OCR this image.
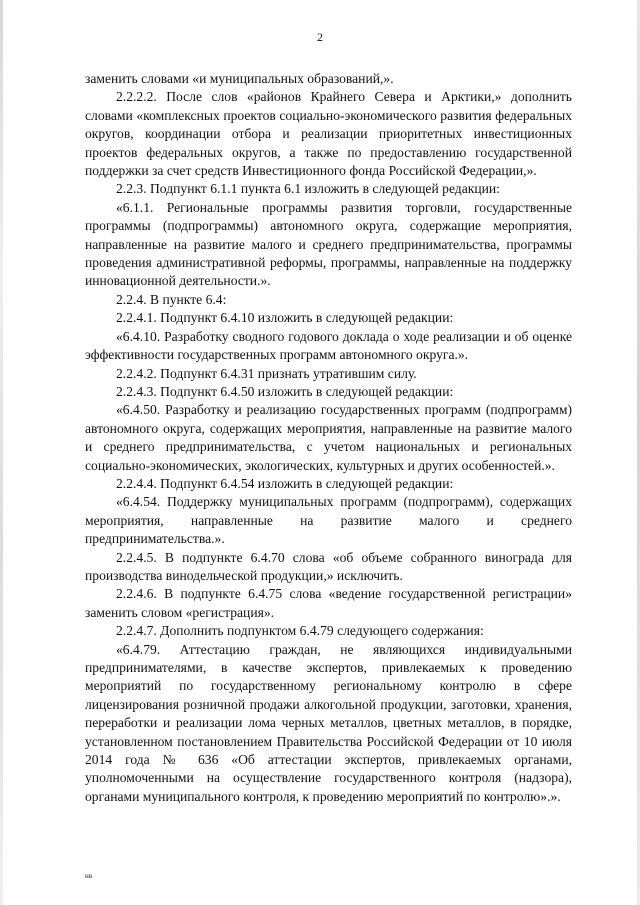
2

заменить словами «и муниципальных образований,».

2.2.2.2. После слов «районов Крайнего Севера и Арктики,» дополнить словами «комплексных проектов социально-экономического развития федеральных округов, координации отбора и реализации приоритетных инвестиционных проектов федеральных округов, а также по предоставлению государственной поддержки за счет средств Инвестиционного фонда Российской Федерации,».

2.2.3. Подпункт 6.1.1 пункта 6.1 изложить в следующей редакции:

«6.1.1. Региональные программы развития торговли, государственные программы (подпрограммы) автономного округа, содержащие мероприятия, направленные на развитие малого и среднего предпринимательства, программы проведения административной реформы, программы, направленные на поддержку инновационной деятельности.».

2.2.4. В пункте 6.4:

2.2.4.1. Подпункт 6.4.10 изложить в следующей редакции:

«6.4.10. Разработку сводного годового доклада о ходе реализации и об оценке эффективности государственных программ автономного округа.».

2.2.4.2. Подпункт 6.4.31 признать утратившим силу.

2.2.4.3. Подпункт 6.4.50 изложить в следующей редакции:

«6.4.50. Разработку и реализацию государственных программ (подпрограмм) автономного округа, содержащих мероприятия, направленные на развитие малого и среднего предпринимательства, с учетом национальных и региональных социально-экономических, экологических, культурных и других особенностей.».

2.2.4.4. Подпункт 6.4.54 изложить в следующей редакции:

«6.4.54. Поддержку муниципальных программ (подпрограмм), содержащих мероприятия, направленные на развитие малого и среднего предпринимательства.».

2.2.4.5. В подпункте 6.4.70 слова «об объеме собранного винограда для производства винодельческой продукции,» исключить.

2.2.4.6. В подпункте 6.4.75 слова «ведение государственной регистрации» заменить словом «регистрация».

2.2.4.7. Дополнить подпунктом 6.4.79 следующего содержания:

«6.4.79. Аттестацию граждан, не являющихся индивидуальными предпринимателями, в качестве экспертов, привлекаемых к проведению мероприятий по государственному региональному контролю в сфере лицензирования розничной продажи алкогольной продукции, заготовки, хранения, переработки и реализации лома черных металлов, цветных металлов, в порядке, установленном постановлением Правительства Российской Федерации от 10 июля 2014 года № 636 «Об аттестации экспертов, привлекаемых органами, уполномоченными на осуществление государственного контроля (надзора), органами муниципального контроля, к проведению мероприятий по контролю».».

нв
